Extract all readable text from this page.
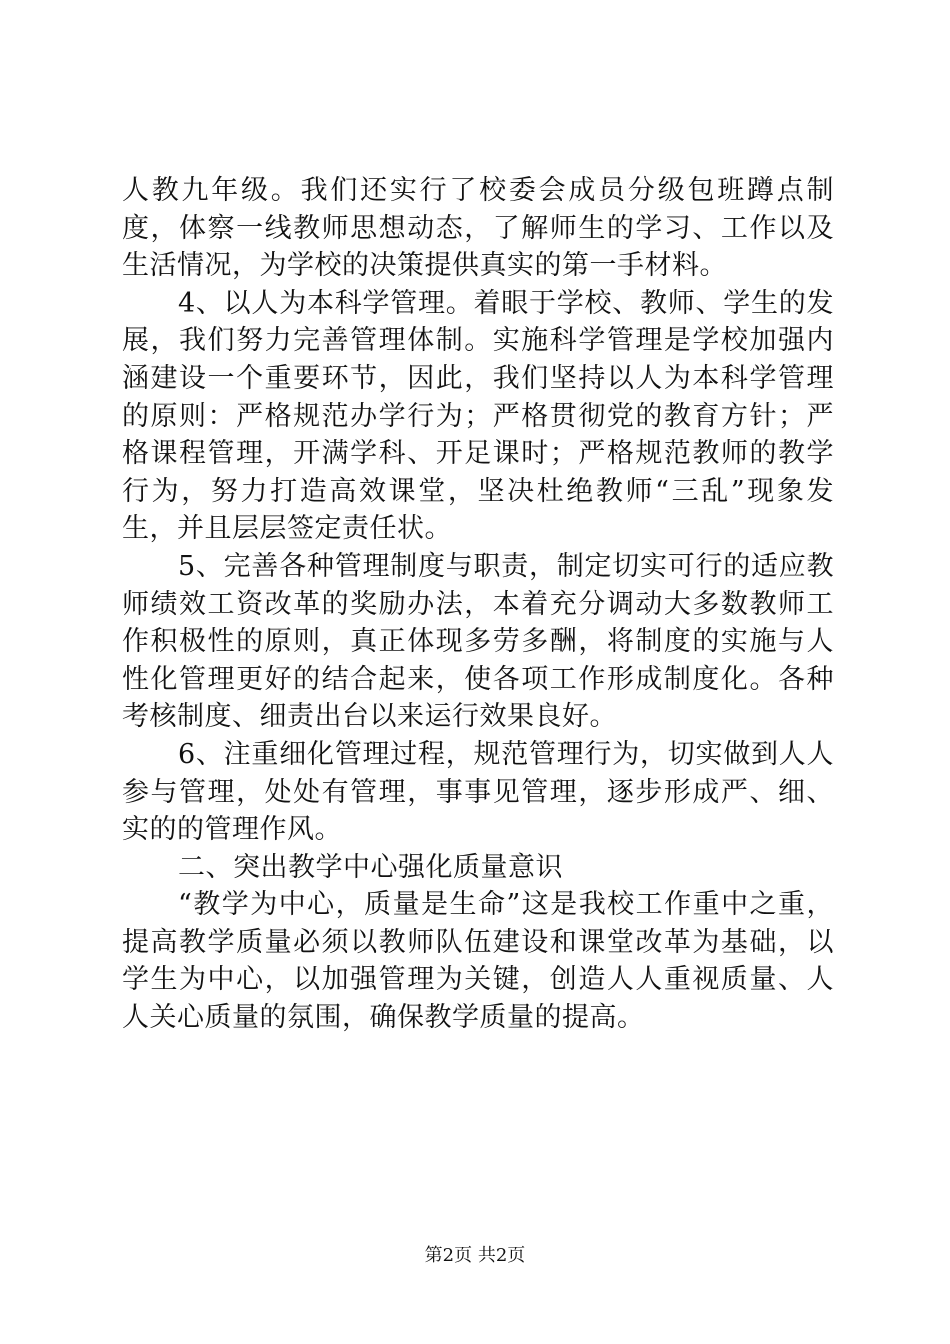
人教九年级。我们还实行了校委会成员分级包班蹲点制度，体察一线教师思想动态，了解师生的学习、工作以及生活情况，为学校的决策提供真实的第一手材料。

4、以人为本科学管理。着眼于学校、教师、学生的发展，我们努力完善管理体制。实施科学管理是学校加强内涵建设一个重要环节，因此，我们坚持以人为本科学管理的原则：严格规范办学行为；严格贯彻党的教育方针；严格课程管理，开满学科、开足课时；严格规范教师的教学行为，努力打造高效课堂，坚决杜绝教师“三乱”现象发生，并且层层签定责任状。

5、完善各种管理制度与职责，制定切实可行的适应教师绩效工资改革的奖励办法，本着充分调动大多数教师工作积极性的原则，真正体现多劳多酬，将制度的实施与人性化管理更好的结合起来，使各项工作形成制度化。各种考核制度、细责出台以来运行效果良好。

6、注重细化管理过程，规范管理行为，切实做到人人参与管理，处处有管理，事事见管理，逐步形成严、细、实的的管理作风。

二、突出教学中心强化质量意识

“教学为中心，质量是生命”这是我校工作重中之重，提高教学质量必须以教师队伍建设和课堂改革为基础，以学生为中心，以加强管理为关键，创造人人重视质量、人人关心质量的氛围，确保教学质量的提高。

第2页 共2页
